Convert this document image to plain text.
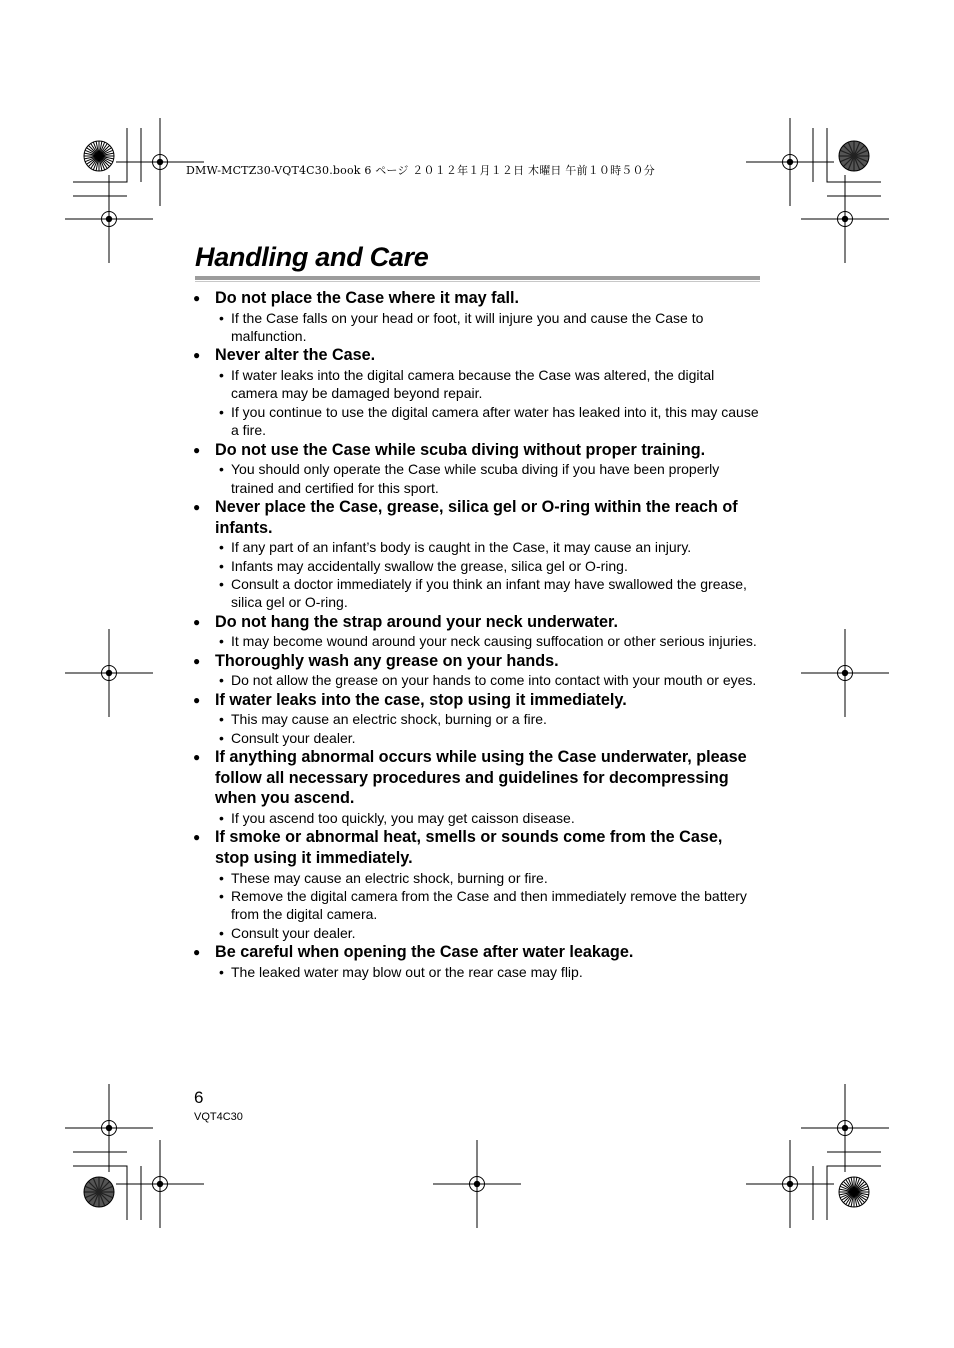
DMW-MCTZ30-VQT4C30.book 6 ページ ２０１２年１月１２日 木曜日 午前１０時５０分
Handling and Care
● Do not place the Case where it may fall.
• If the Case falls on your head or foot, it will injure you and cause the Case to malfunction.
● Never alter the Case.
• If water leaks into the digital camera because the Case was altered, the digital camera may be damaged beyond repair.
• If you continue to use the digital camera after water has leaked into it, this may cause a fire.
● Do not use the Case while scuba diving without proper training.
• You should only operate the Case while scuba diving if you have been properly trained and certified for this sport.
● Never place the Case, grease, silica gel or O-ring within the reach of infants.
• If any part of an infant’s body is caught in the Case, it may cause an injury.
• Infants may accidentally swallow the grease, silica gel or O-ring.
• Consult a doctor immediately if you think an infant may have swallowed the grease, silica gel or O-ring.
● Do not hang the strap around your neck underwater.
• It may become wound around your neck causing suffocation or other serious injuries.
● Thoroughly wash any grease on your hands.
• Do not allow the grease on your hands to come into contact with your mouth or eyes.
● If water leaks into the case, stop using it immediately.
• This may cause an electric shock, burning or a fire.
• Consult your dealer.
● If anything abnormal occurs while using the Case underwater, please follow all necessary procedures and guidelines for decompressing when you ascend.
• If you ascend too quickly, you may get caisson disease.
● If smoke or abnormal heat, smells or sounds come from the Case, stop using it immediately.
• These may cause an electric shock, burning or fire.
• Remove the digital camera from the Case and then immediately remove the battery from the digital camera.
• Consult your dealer.
● Be careful when opening the Case after water leakage.
• The leaked water may blow out or the rear case may flip.
6
VQT4C30
